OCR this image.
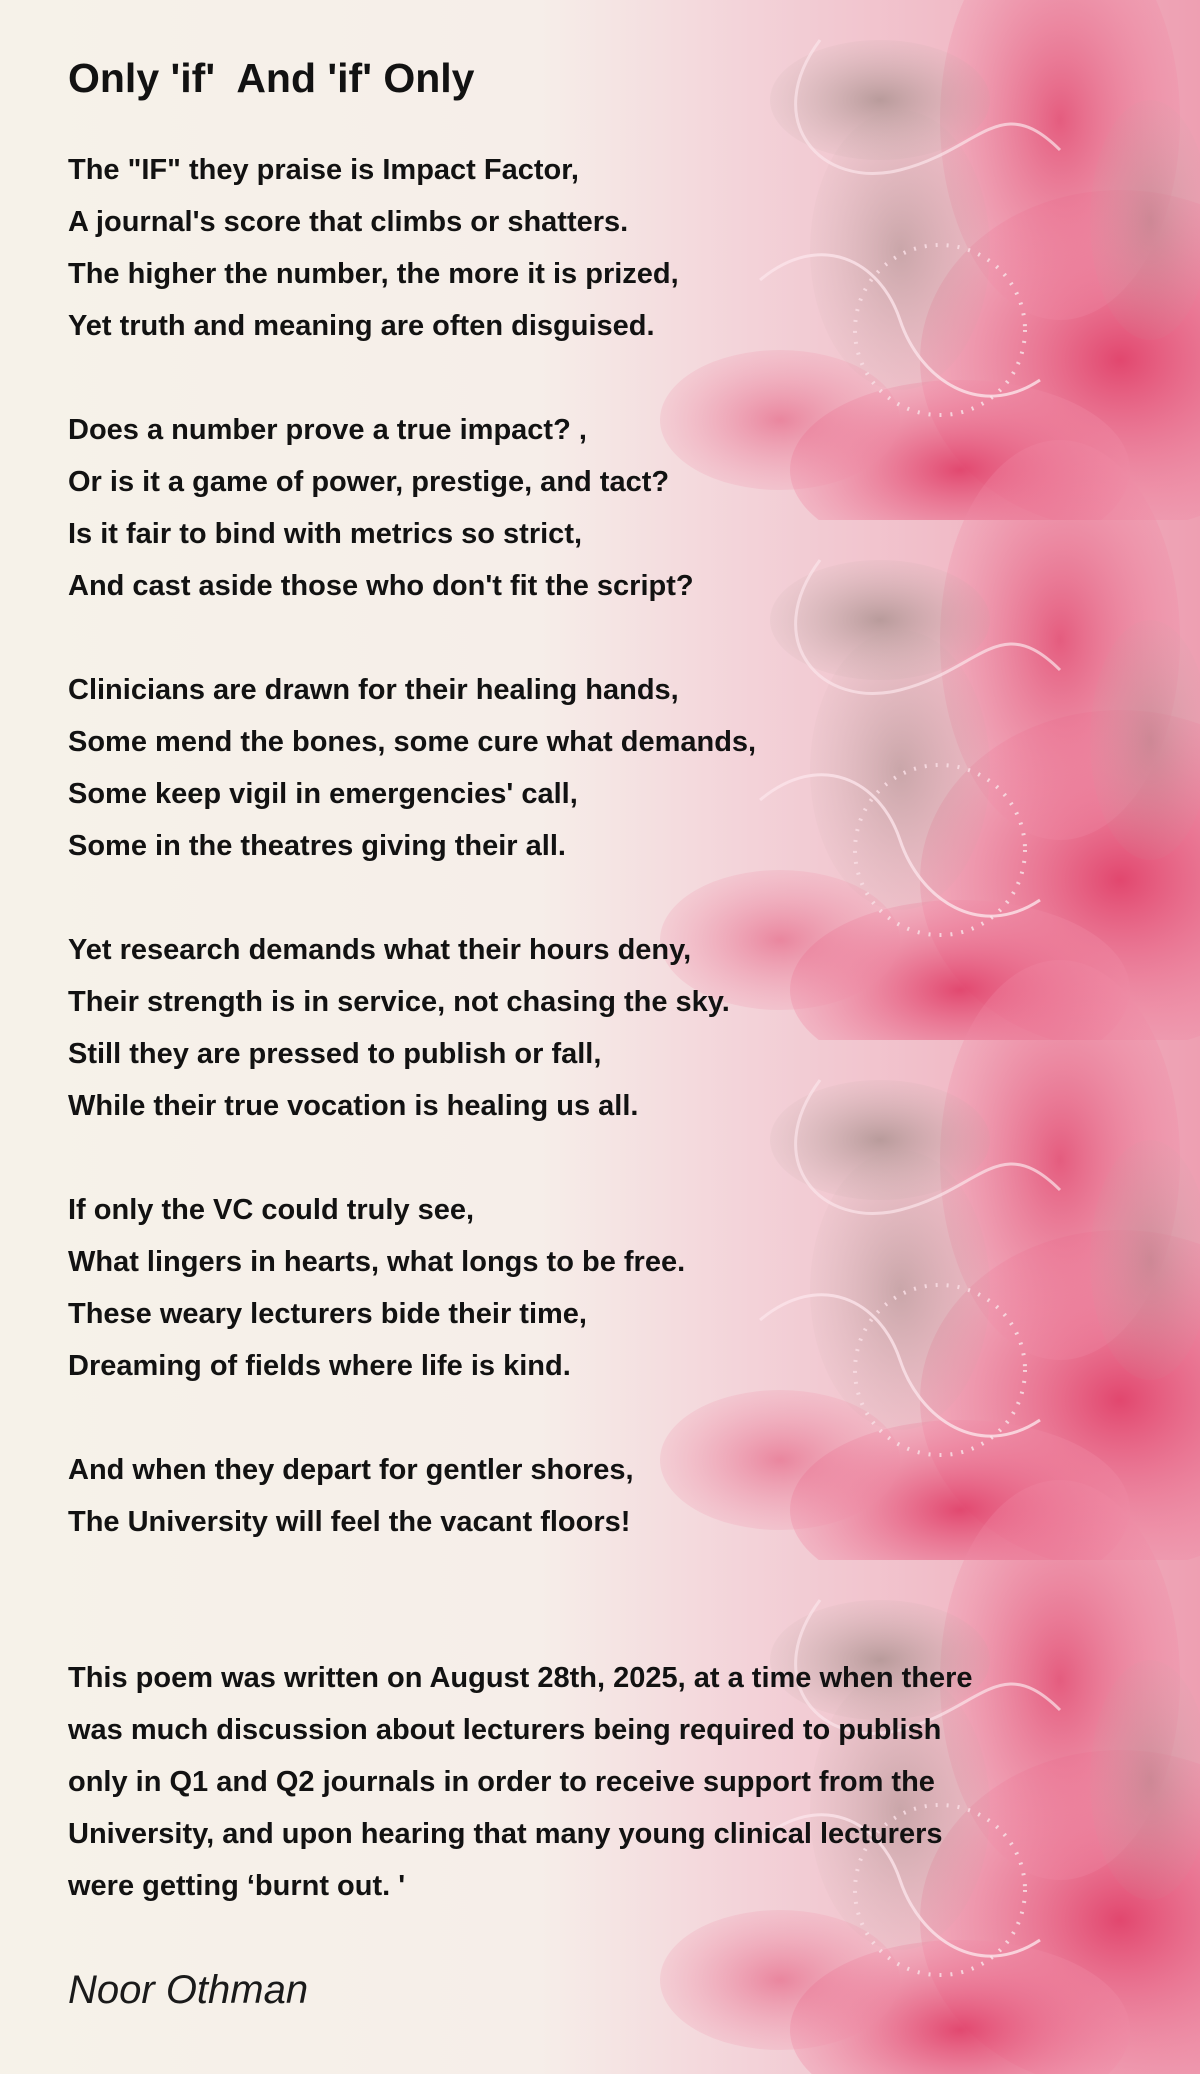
Only 'if'  And 'if' Only
The "IF" they praise is Impact Factor,
A journal's score that climbs or shatters.
The higher the number, the more it is prized,
Yet truth and meaning are often disguised.
Does a number prove a true impact? ,
Or is it a game of power, prestige, and tact?
Is it fair to bind with metrics so strict,
And cast aside those who don't fit the script?
Clinicians are drawn for their healing hands,
Some mend the bones, some cure what demands,
Some keep vigil in emergencies' call,
Some in the theatres giving their all.
Yet research demands what their hours deny,
Their strength is in service, not chasing the sky.
Still they are pressed to publish or fall,
While their true vocation is healing us all.
If only the VC could truly see,
What lingers in hearts, what longs to be free.
These weary lecturers bide their time,
Dreaming of fields where life is kind.
And when they depart for gentler shores,
The University will feel the vacant floors!
This poem was written on August 28th, 2025, at a time when there
was much discussion about lecturers being required to publish
only in Q1 and Q2 journals in order to receive support from the
University, and upon hearing that many young clinical lecturers
were getting ‘burnt out. '
Noor Othman
